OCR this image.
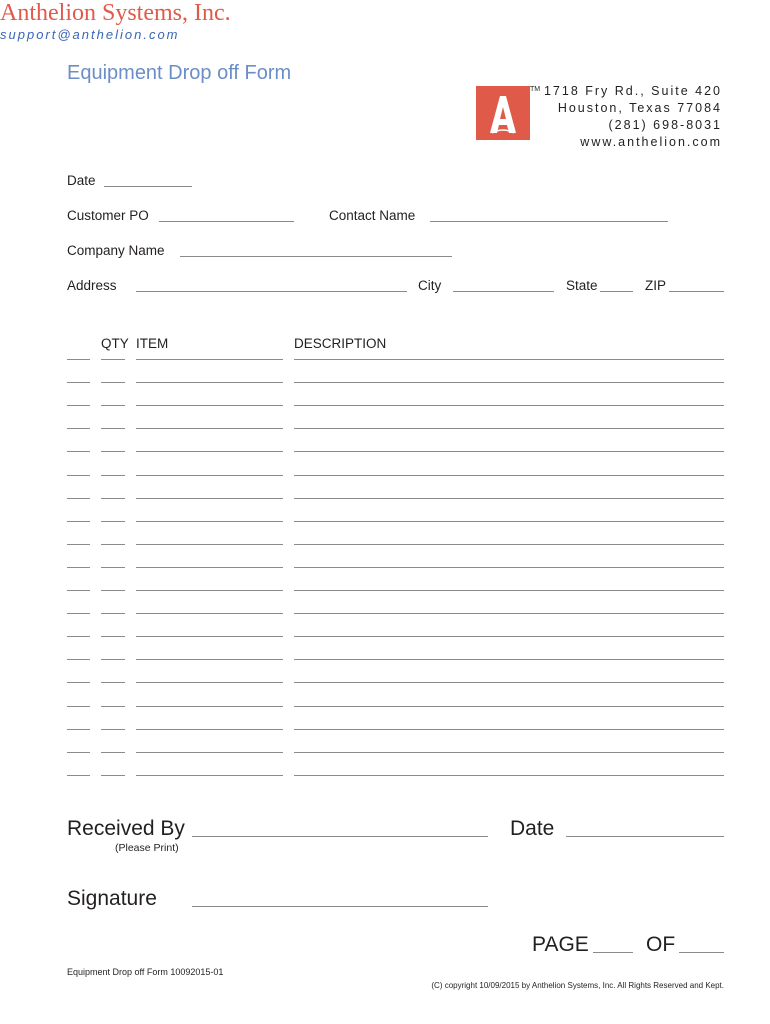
Equipment Drop off Form
Anthelion Systems, Inc.
TM 1718 Fry Rd., Suite 420
Houston, Texas 77084
(281) 698-8031
www.anthelion.com
support@anthelion.com
Date
Customer PO	Contact Name
Company Name
Address	City	State	ZIP
QTY ITEM	DESCRIPTION
Received By
(Please Print)
Date
Signature
PAGE	OF
Equipment Drop off Form 10092015-01
(C) copyright 10/09/2015 by Anthelion Systems, Inc. All Rights Reserved and Kept.
